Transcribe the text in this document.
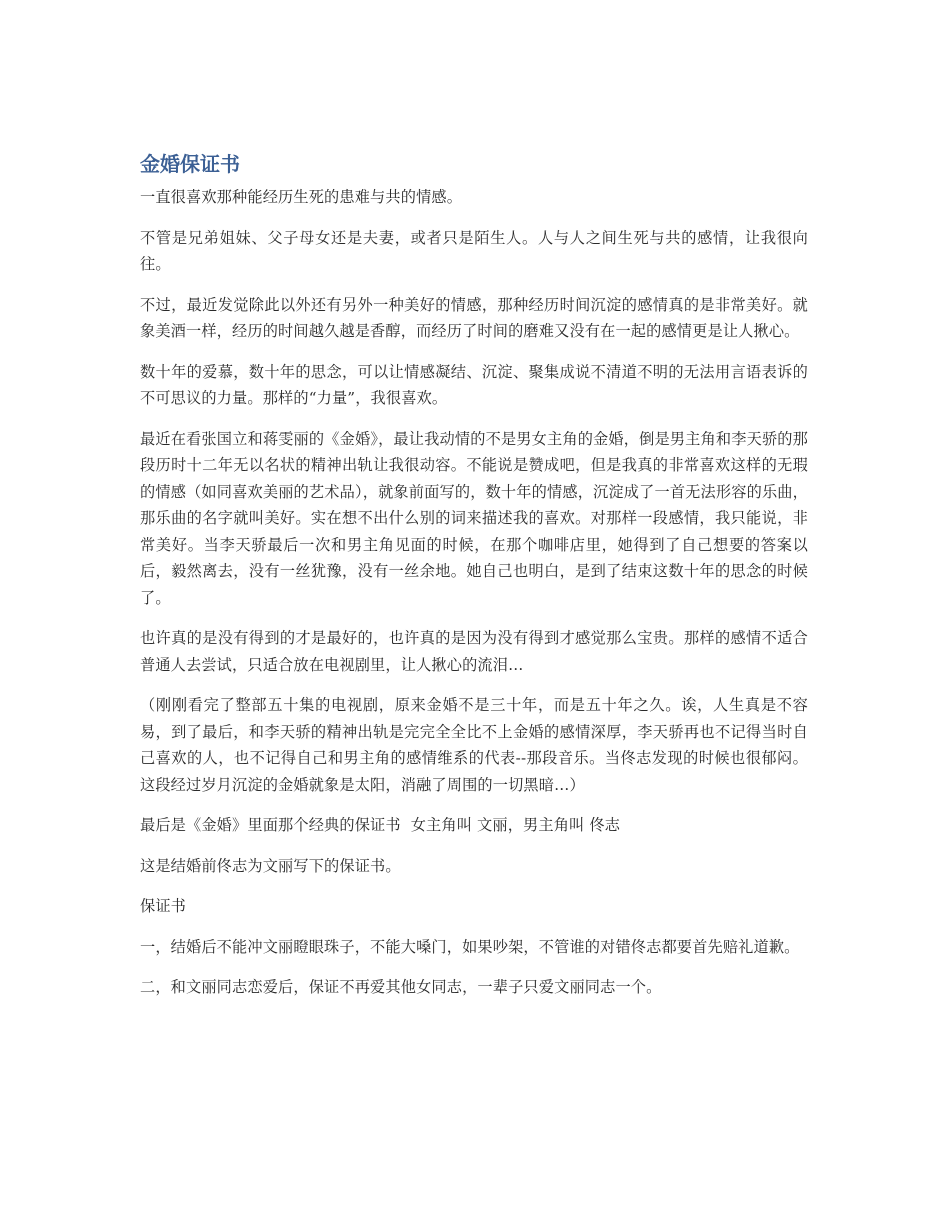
金婚保证书

一直很喜欢那种能经历生死的患难与共的情感。

不管是兄弟姐妹、父子母女还是夫妻，或者只是陌生人。人与人之间生死与共的感情，让我很向往。

不过，最近发觉除此以外还有另外一种美好的情感，那种经历时间沉淀的感情真的是非常美好。就象美酒一样，经历的时间越久越是香醇，而经历了时间的磨难又没有在一起的感情更是让人揪心。

数十年的爱慕，数十年的思念，可以让情感凝结、沉淀、聚集成说不清道不明的无法用言语表诉的不可思议的力量。那样的“力量”，我很喜欢。

最近在看张国立和蒋雯丽的《金婚》，最让我动情的不是男女主角的金婚，倒是男主角和李天骄的那段历时十二年无以名状的精神出轨让我很动容。不能说是赞成吧，但是我真的非常喜欢这样的无瑕的情感（如同喜欢美丽的艺术品），就象前面写的，数十年的情感，沉淀成了一首无法形容的乐曲，那乐曲的名字就叫美好。实在想不出什么别的词来描述我的喜欢。对那样一段感情，我只能说，非常美好。当李天骄最后一次和男主角见面的时候，在那个咖啡店里，她得到了自己想要的答案以后，毅然离去，没有一丝犹豫，没有一丝余地。她自己也明白，是到了结束这数十年的思念的时候了。

也许真的是没有得到的才是最好的，也许真的是因为没有得到才感觉那么宝贵。那样的感情不适合普通人去尝试，只适合放在电视剧里，让人揪心的流泪…

（刚刚看完了整部五十集的电视剧，原来金婚不是三十年，而是五十年之久。诶，人生真是不容易，到了最后，和李天骄的精神出轨是完完全全比不上金婚的感情深厚，李天骄再也不记得当时自己喜欢的人，也不记得自己和男主角的感情维系的代表--那段音乐。当佟志发现的时候也很郁闷。这段经过岁月沉淀的金婚就象是太阳，消融了周围的一切黑暗…）

最后是《金婚》里面那个经典的保证书  女主角叫 文丽，男主角叫 佟志

这是结婚前佟志为文丽写下的保证书。

保证书

一，结婚后不能冲文丽瞪眼珠子，不能大嗓门，如果吵架，不管谁的对错佟志都要首先赔礼道歉。

二，和文丽同志恋爱后，保证不再爱其他女同志，一辈子只爱文丽同志一个。
